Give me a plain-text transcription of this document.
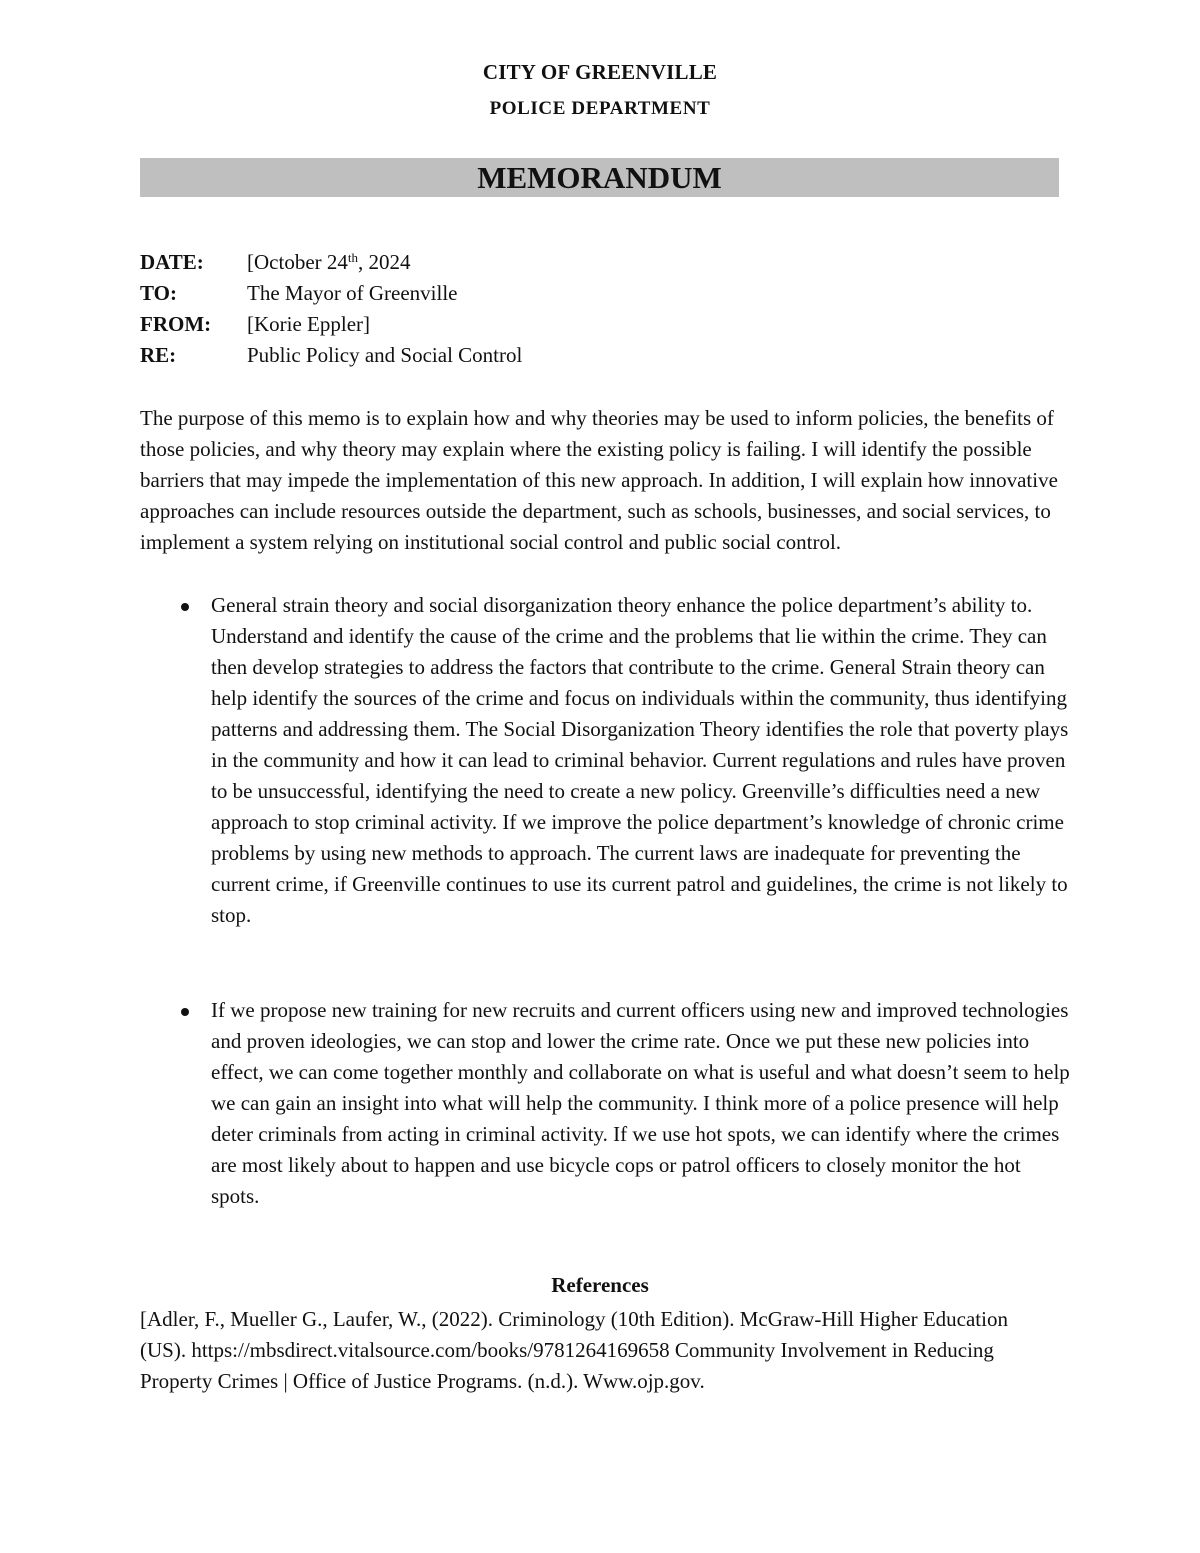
CITY OF GREENVILLE
POLICE DEPARTMENT
MEMORANDUM
DATE:	[October 24th, 2024
TO:	The Mayor of Greenville
FROM:	[Korie Eppler]
RE:	Public Policy and Social Control
The purpose of this memo is to explain how and why theories may be used to inform policies, the benefits of those policies, and why theory may explain where the existing policy is failing. I will identify the possible barriers that may impede the implementation of this new approach. In addition, I will explain how innovative approaches can include resources outside the department, such as schools, businesses, and social services, to implement a system relying on institutional social control and public social control.
General strain theory and social disorganization theory enhance the police department’s ability to. Understand and identify the cause of the crime and the problems that lie within the crime. They can then develop strategies to address the factors that contribute to the crime. General Strain theory can help identify the sources of the crime and focus on individuals within the community, thus identifying patterns and addressing them. The Social Disorganization Theory identifies the role that poverty plays in the community and how it can lead to criminal behavior. Current regulations and rules have proven to be unsuccessful, identifying the need to create a new policy. Greenville’s difficulties need a new approach to stop criminal activity. If we improve the police department’s knowledge of chronic crime problems by using new methods to approach. The current laws are inadequate for preventing the current crime, if Greenville continues to use its current patrol and guidelines, the crime is not likely to stop.
If we propose new training for new recruits and current officers using new and improved technologies and proven ideologies, we can stop and lower the crime rate. Once we put these new policies into effect, we can come together monthly and collaborate on what is useful and what doesn’t seem to help we can gain an insight into what will help the community. I think more of a police presence will help deter criminals from acting in criminal activity. If we use hot spots, we can identify where the crimes are most likely about to happen and use bicycle cops or patrol officers to closely monitor the hot spots.
References
[Adler, F., Mueller G., Laufer, W., (2022). Criminology (10th Edition). McGraw-Hill Higher Education (US). https://mbsdirect.vitalsource.com/books/9781264169658 Community Involvement in Reducing Property Crimes | Office of Justice Programs. (n.d.). Www.ojp.gov.
